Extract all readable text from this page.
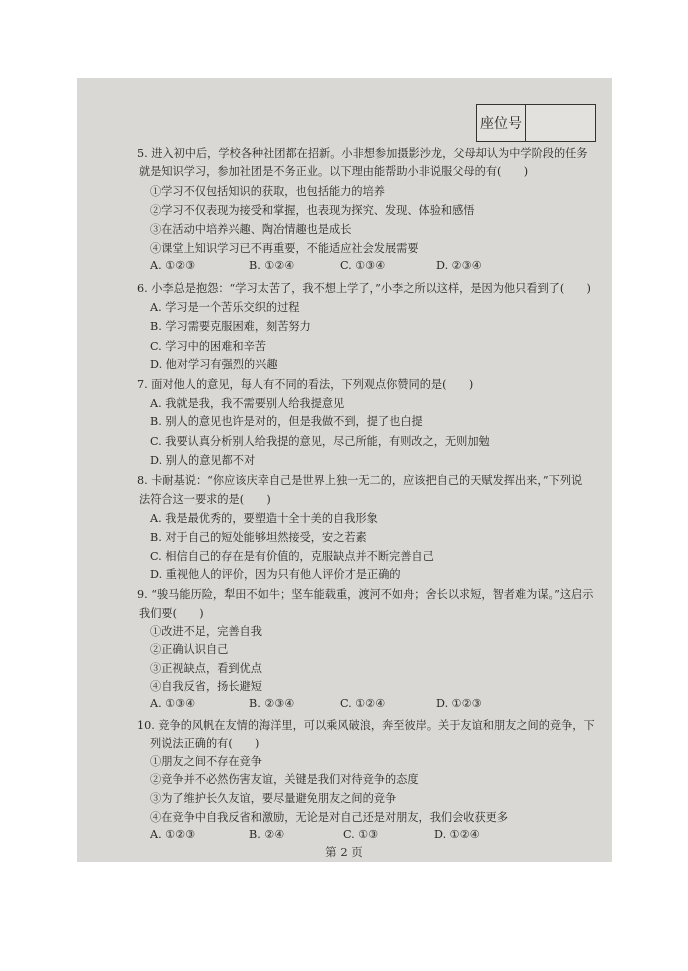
座位号
第 2 页
5. 进入初中后，学校各种社团都在招新。小非想参加摄影沙龙，父母却认为中学阶段的任务
就是知识学习，参加社团是不务正业。以下理由能帮助小非说服父母的有(　　)
①学习不仅包括知识的获取，也包括能力的培养
②学习不仅表现为接受和掌握，也表现为探究、发现、体验和感悟
③在活动中培养兴趣、陶冶情趣也是成长
④课堂上知识学习已不再重要，不能适应社会发展需要
A. ①②③	B. ①②④	C. ①③④	D. ②③④
6. 小李总是抱怨：“学习太苦了，我不想上学了，”小李之所以这样，是因为他只看到了(　　)
A. 学习是一个苦乐交织的过程
B. 学习需要克服困难，刻苦努力
C. 学习中的困难和辛苦
D. 他对学习有强烈的兴趣
7. 面对他人的意见，每人有不同的看法，下列观点你赞同的是(　　)
A. 我就是我，我不需要别人给我提意见
B. 别人的意见也许是对的，但是我做不到，提了也白提
C. 我要认真分析别人给我提的意见，尽己所能，有则改之，无则加勉
D. 别人的意见都不对
8. 卡耐基说：“你应该庆幸自己是世界上独一无二的，应该把自己的天赋发挥出来，”下列说
法符合这一要求的是(　　)
A. 我是最优秀的，要塑造十全十美的自我形象
B. 对于自己的短处能够坦然接受，安之若素
C. 相信自己的存在是有价值的，克服缺点并不断完善自己
D. 重视他人的评价，因为只有他人评价才是正确的
9. “骏马能历险，犁田不如牛；坚车能载重，渡河不如舟；舍长以求短，智者难为谋。”这启示
我们要(　　)
①改进不足，完善自我
②正确认识自己
③正视缺点，看到优点
④自我反省，扬长避短
A. ①③④	B. ②③④	C. ①②④	D. ①②③
10. 竞争的风帆在友情的海洋里，可以乘风破浪，奔至彼岸。关于友谊和朋友之间的竞争，下
列说法正确的有(　　)
①朋友之间不存在竞争
②竞争并不必然伤害友谊，关键是我们对待竞争的态度
③为了维护长久友谊，要尽量避免朋友之间的竞争
④在竞争中自我反省和激励，无论是对自己还是对朋友，我们会收获更多
A. ①②③	B. ②④	C. ①③	D. ①②④
